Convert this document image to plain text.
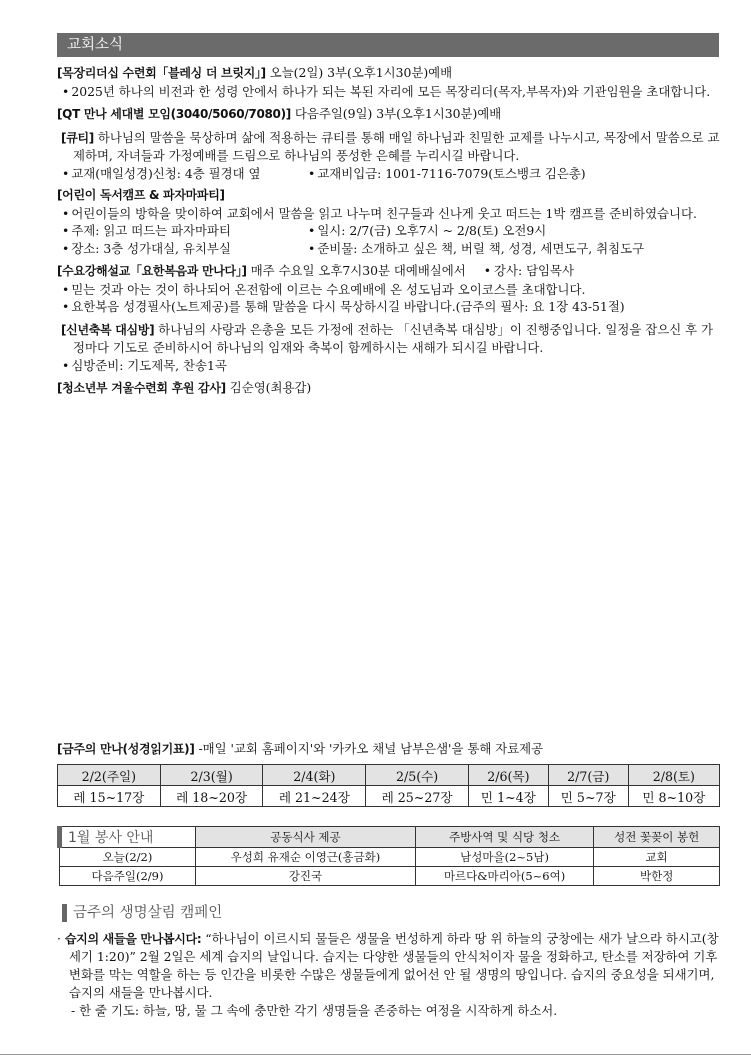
교회소식
[목장리더십 수련회「블레싱 더 브릿지」] 오늘(2일) 3부(오후1시30분)예배
• 2025년 하나의 비전과 한 성령 안에서 하나가 되는 복된 자리에 모든 목장리더(목자,부목자)와 기관임원을 초대합니다.
[QT 만나 세대별 모임(3040/5060/7080)] 다음주일(9일) 3부(오후1시30분)예배
[큐티] 하나님의 말씀을 묵상하며 삶에 적용하는 큐티를 통해 매일 하나님과 친밀한 교제를 나누시고, 목장에서 말씀으로 교제하며, 자녀들과 가정예배를 드림으로 하나님의 풍성한 은혜를 누리시길 바랍니다.
• 교재(매일성경)신청: 4층 필경대 옆	• 교재비입금: 1001-7116-7079(토스뱅크 김은총)
[어린이 독서캠프 & 파자마파티]
• 어린이들의 방학을 맞이하여 교회에서 말씀을 읽고 나누며 친구들과 신나게 웃고 떠드는 1박 캠프를 준비하였습니다.
• 주제: 읽고 떠드는 파자마파티	• 일시: 2/7(금) 오후7시 ~ 2/8(토) 오전9시
• 장소: 3층 성가대실, 유치부실	• 준비물: 소개하고 싶은 책, 버릴 책, 성경, 세면도구, 취침도구
[수요강해설교「요한복음과 만나다」] 매주 수요일 오후7시30분 대예배실에서 • 강사: 담임목사
• 믿는 것과 아는 것이 하나되어 온전함에 이르는 수요예배에 온 성도님과 오이코스를 초대합니다.
• 요한복음 성경필사(노트제공)를 통해 말씀을 다시 묵상하시길 바랍니다.(금주의 필사: 요 1장 43-51절)
[신년축복 대심방] 하나님의 사랑과 은총을 모든 가정에 전하는 「신년축복 대심방」이 진행중입니다. 일정을 잡으신 후 가정마다 기도로 준비하시어 하나님의 임재와 축복이 함께하시는 새해가 되시길 바랍니다.
• 심방준비: 기도제목, 찬송1곡
[청소년부 겨울수련회 후원 감사] 김순영(최용갑)
[금주의 만나(성경읽기표)] -매일 '교회 홈페이지'와 '카카오 채널 남부은샘'을 통해 자료제공
2/2(주일)	2/3(월)	2/4(화)	2/5(수)	2/6(목)	2/7(금)	2/8(토)
레 15~17장	레 18~20장	레 21~24장	레 25~27장	민 1~4장	민 5~7장	민 8~10장
1월 봉사 안내	공동식사 제공	주방사역 및 식당 청소	성전 꽃꽂이 봉헌
오늘(2/2)	우성희 유재순 이영근(홍금화)	남성마을(2~5남)	교회
다음주일(2/9)	강진국	마르다&마리아(5~6여)	박한정
금주의 생명살림 캠페인
· 습지의 새들을 만나봅시다: “하나님이 이르시되 물들은 생물을 번성하게 하라 땅 위 하늘의 궁창에는 새가 날으라 하시고(창세기 1:20)” 2월 2일은 세계 습지의 날입니다. 습지는 다양한 생물들의 안식처이자 물을 정화하고, 탄소를 저장하여 기후변화를 막는 역할을 하는 등 인간을 비롯한 수많은 생물들에게 없어선 안 될 생명의 땅입니다. 습지의 중요성을 되새기며, 습지의 새들을 만나봅시다.
- 한 줄 기도: 하늘, 땅, 물 그 속에 충만한 각기 생명들을 존중하는 여정을 시작하게 하소서.
